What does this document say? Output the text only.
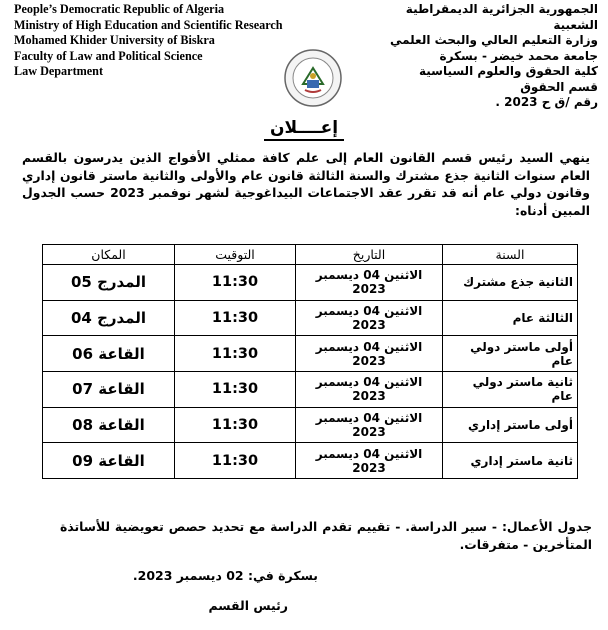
People’s Democratic Republic of Algeria
Ministry of High Education and Scientific Research
Mohamed Khider University of Biskra
Faculty of Law and Political Science
Law Department
الجمهورية الجزائرية الديمقراطية الشعبية
وزارة التعليم العالي والبحث العلمي
جامعة محمد خيضر - بسكرة
كلية الحقوق والعلوم السياسية
قسم الحقوق
رقم /ق ح 2023 .
إعــــلان
ينهي السيد رئيس قسم القانون العام إلى علم كافة ممثلي الأفواج الذين يدرسون بالقسم العام سنوات الثانية جذع مشترك والسنة الثالثة قانون عام والأولى والثانية ماستر قانون إداري وقانون دولي عام أنه قد تقرر عقد الاجتماعات البيداغوجية لشهر نوفمبر 2023 حسب الجدول المبين أدناه:
السنة	التاريخ	التوقيت	المكان
الثانية جذع مشترك	الاثنين 04 ديسمبر 2023	11:30	المدرج 05
الثالثة عام	الاثنين 04 ديسمبر 2023	11:30	المدرج 04
أولى ماستر دولي عام	الاثنين 04 ديسمبر 2023	11:30	القاعة 06
ثانية ماستر دولي عام	الاثنين 04 ديسمبر 2023	11:30	القاعة 07
أولى ماستر إداري	الاثنين 04 ديسمبر 2023	11:30	القاعة 08
ثانية ماستر إداري	الاثنين 04 ديسمبر 2023	11:30	القاعة 09
جدول الأعمال: - سير الدراسة. - تقييم تقدم الدراسة مع تحديد حصص تعويضية للأساتذة المتأخرين - متفرقات.
بسكرة في: 02 ديسمبر 2023.
رئيس القسم
